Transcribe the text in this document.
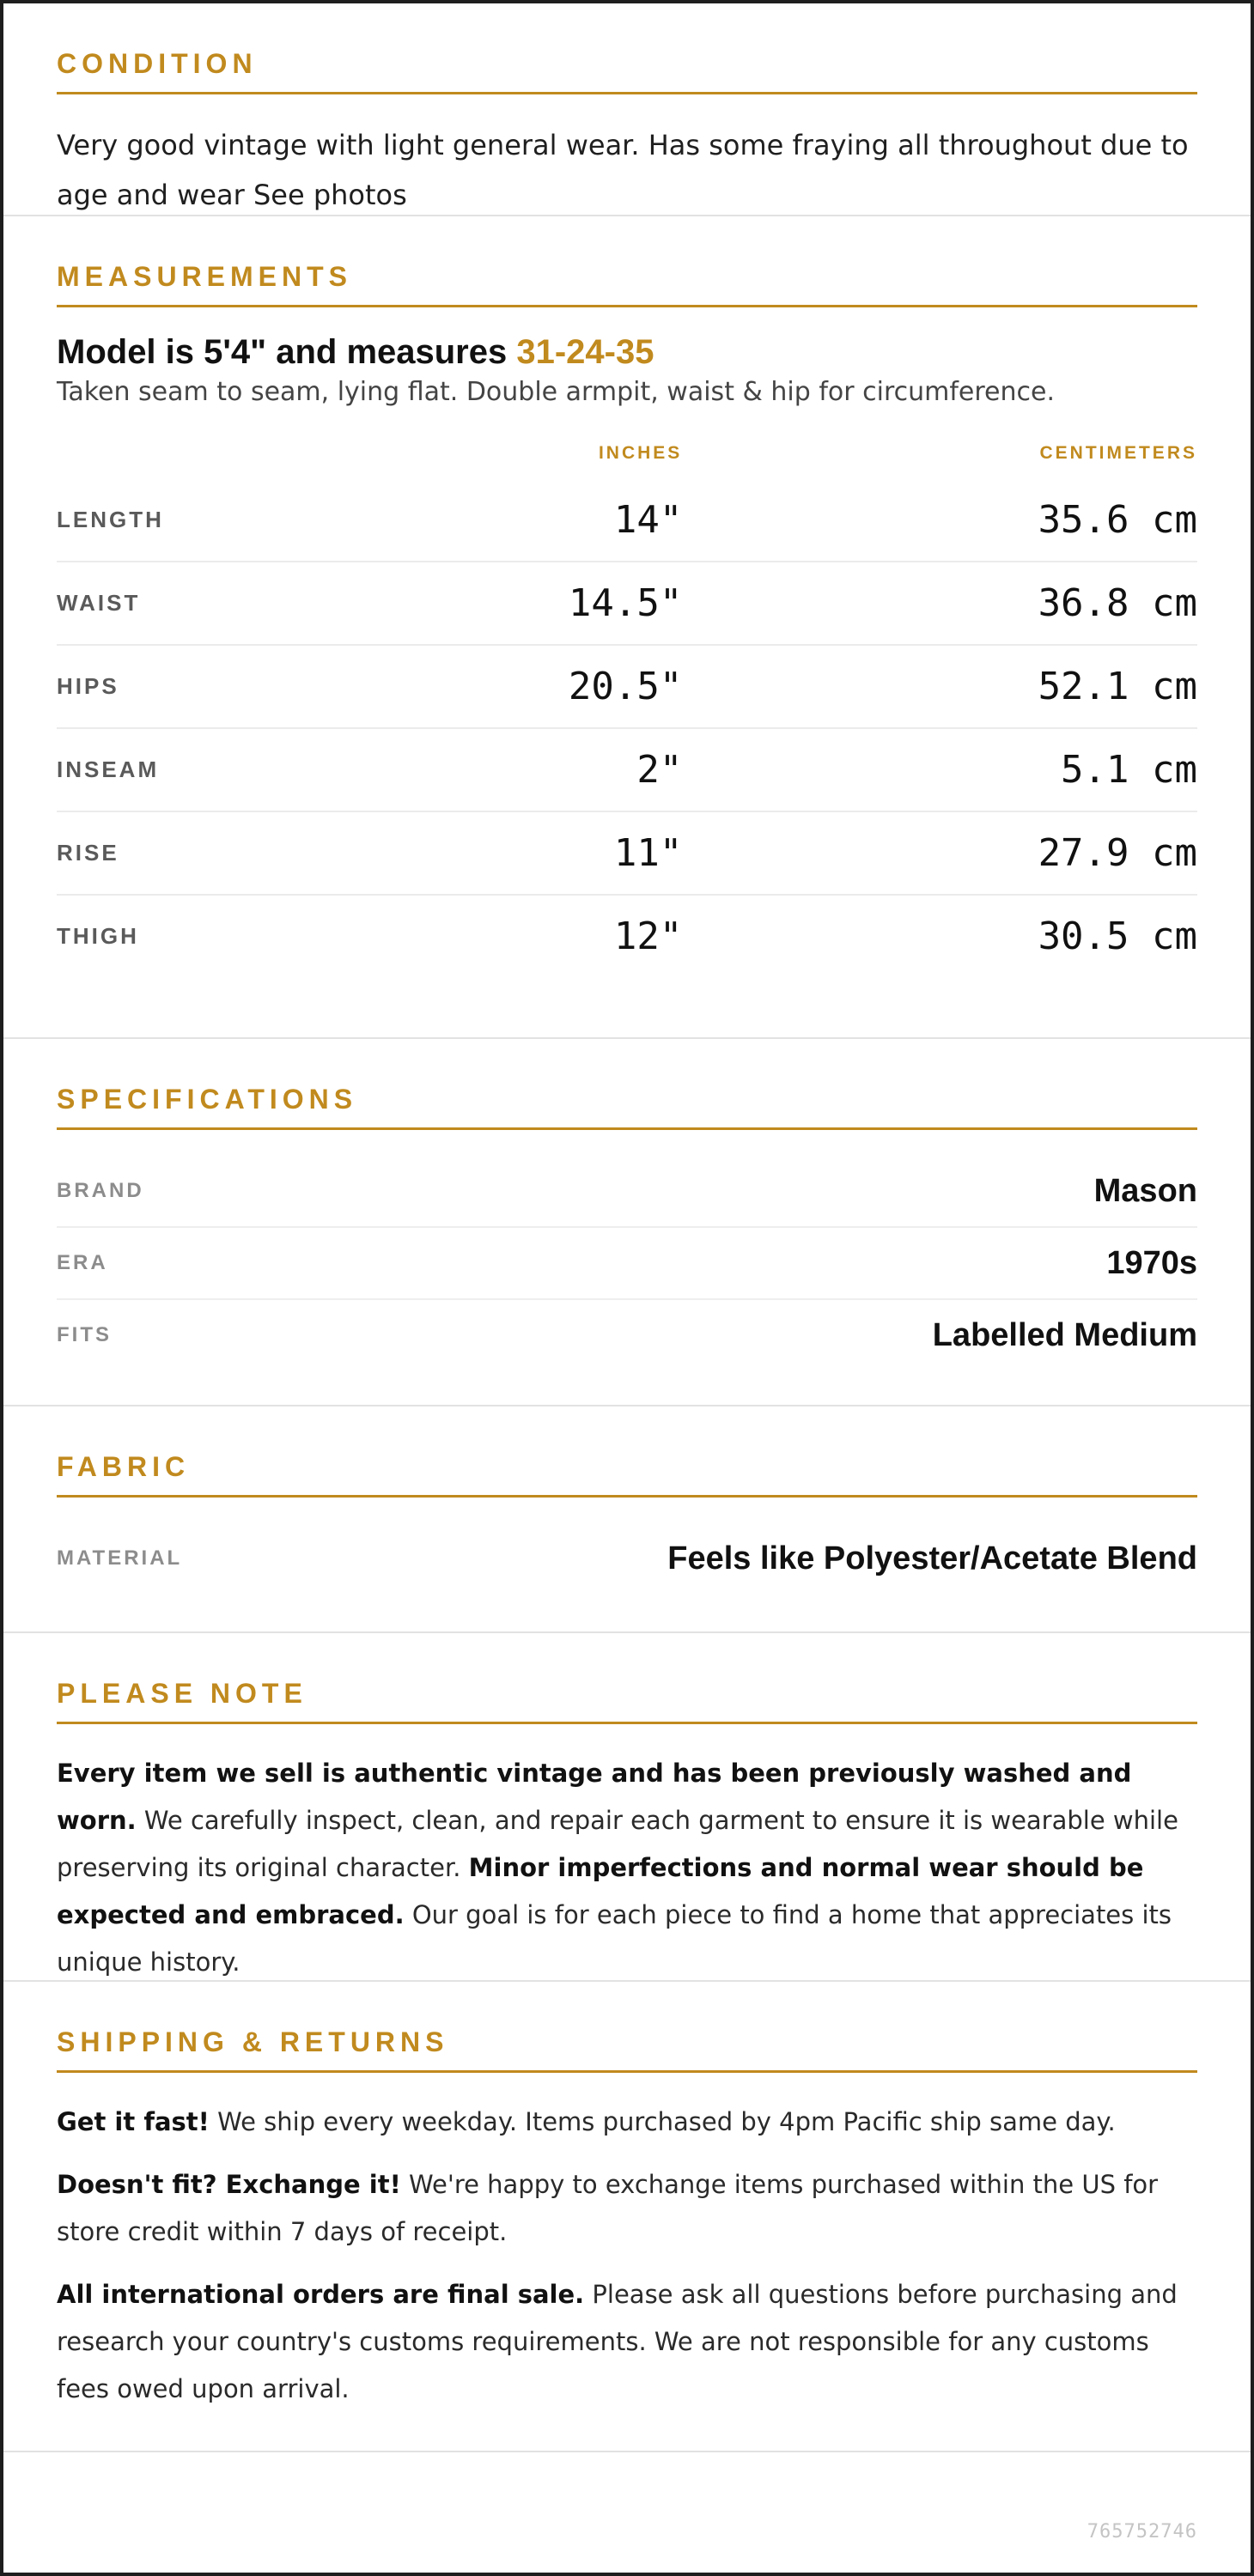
CONDITION

Very good vintage with light general wear. Has some fraying all throughout due to age and wear See photos

MEASUREMENTS
Model is 5'4" and measures 31-24-35

Taken seam to seam, lying flat. Double armpit, waist & hip for circumference.

	INCHES	CENTIMETERS
LENGTH	14"	35.6 cm
WAIST	14.5"	36.8 cm
HIPS	20.5"	52.1 cm
INSEAM	2"	5.1 cm
RISE	11"	27.9 cm
THIGH	12"	30.5 cm
SPECIFICATIONS
BRAND	Mason
ERA	1970s
FITS	Labelled Medium
FABRIC
MATERIAL	Feels like Polyester/Acetate Blend
PLEASE NOTE

Every item we sell is authentic vintage and has been previously washed and worn. We carefully inspect, clean, and repair each garment to ensure it is wearable while preserving its original character. Minor imperfections and normal wear should be expected and embraced. Our goal is for each piece to find a home that appreciates its unique history.

SHIPPING & RETURNS

Get it fast! We ship every weekday. Items purchased by 4pm Pacific ship same day.

Doesn't fit? Exchange it! We're happy to exchange items purchased within the US for store credit within 7 days of receipt.

All international orders are final sale. Please ask all questions before purchasing and research your country's customs requirements. We are not responsible for any customs fees owed upon arrival.

765752746
